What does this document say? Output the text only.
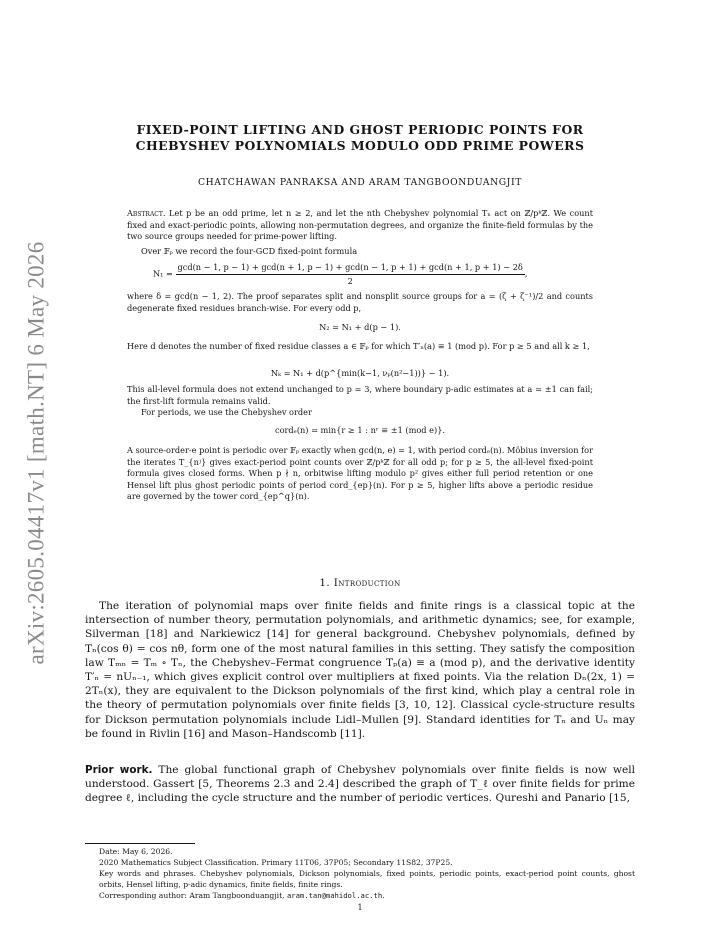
arXiv:2605.04417v1 [math.NT] 6 May 2026
FIXED-POINT LIFTING AND GHOST PERIODIC POINTS FOR
CHEBYSHEV POLYNOMIALS MODULO ODD PRIME POWERS
CHATCHAWAN PANRAKSA AND ARAM TANGBOONDUANGJIT
Abstract. Let p be an odd prime, let n ≥ 2, and let the nth Chebyshev polynomial Tₙ act on ℤ/pᵏℤ. We count fixed and exact-periodic points, allowing non-permutation degrees, and organize the finite-field formulas by the two source groups needed for prime-power lifting.
Over 𝔽ₚ we record the four-GCD fixed-point formula
N₁ =
gcd(n − 1, p − 1) + gcd(n + 1, p − 1) + gcd(n − 1, p + 1) + gcd(n + 1, p + 1) − 2δ
2
,
where δ = gcd(n − 1, 2). The proof separates split and nonsplit source groups for a = (ζ + ζ⁻¹)/2 and counts degenerate fixed residues branch-wise. For every odd p,
N₂ = N₁ + d(p − 1).
Here d denotes the number of fixed residue classes a ∈ 𝔽ₚ for which T′ₙ(a) ≡ 1 (mod p). For p ≥ 5 and all k ≥ 1,
Nₖ = N₁ + d(p^{min(k−1, νₚ(n²−1))} − 1).
This all-level formula does not extend unchanged to p = 3, where boundary p-adic estimates at a = ±1 can fail; the first-lift formula remains valid.
For periods, we use the Chebyshev order
cordₑ(n) = min{r ≥ 1 : nʳ ≡ ±1 (mod e)}.
A source-order-e point is periodic over 𝔽ₚ exactly when gcd(n, e) = 1, with period cordₑ(n). Möbius inversion for the iterates T_{nʲ} gives exact-period point counts over ℤ/pᵏℤ for all odd p; for p ≥ 5, the all-level fixed-point formula gives closed forms. When p ∤ n, orbitwise lifting modulo p² gives either full period retention or one Hensel lift plus ghost periodic points of period cord_{ep}(n). For p ≥ 5, higher lifts above a periodic residue are governed by the tower cord_{ep^q}(n).
1. Introduction
The iteration of polynomial maps over finite fields and finite rings is a classical topic at the intersection of number theory, permutation polynomials, and arithmetic dynamics; see, for example, Silverman [18] and Narkiewicz [14] for general background. Chebyshev polynomials, defined by Tₙ(cos θ) = cos nθ, form one of the most natural families in this setting. They satisfy the composition law Tₘₙ = Tₘ ∘ Tₙ, the Chebyshev–Fermat congruence Tₚ(a) ≡ a (mod p), and the derivative identity T′ₙ = nUₙ₋₁, which gives explicit control over multipliers at fixed points. Via the relation Dₙ(2x, 1) = 2Tₙ(x), they are equivalent to the Dickson polynomials of the first kind, which play a central role in the theory of permutation polynomials over finite fields [3, 10, 12]. Classical cycle-structure results for Dickson permutation polynomials include Lidl–Mullen [9]. Standard identities for Tₙ and Uₙ may be found in Rivlin [16] and Mason–Handscomb [11].
Prior work. The global functional graph of Chebyshev polynomials over finite fields is now well understood. Gassert [5, Theorems 2.3 and 2.4] described the graph of T_ℓ over finite fields for prime degree ℓ, including the cycle structure and the number of periodic vertices. Qureshi and Panario [15,
Date: May 6, 2026.
2020 Mathematics Subject Classification. Primary 11T06, 37P05; Secondary 11S82, 37P25.
Key words and phrases. Chebyshev polynomials, Dickson polynomials, fixed points, periodic points, exact-period point counts, ghost orbits, Hensel lifting, p-adic dynamics, finite fields, finite rings.
Corresponding author: Aram Tangboonduangjit, aram.tan@mahidol.ac.th.
1
